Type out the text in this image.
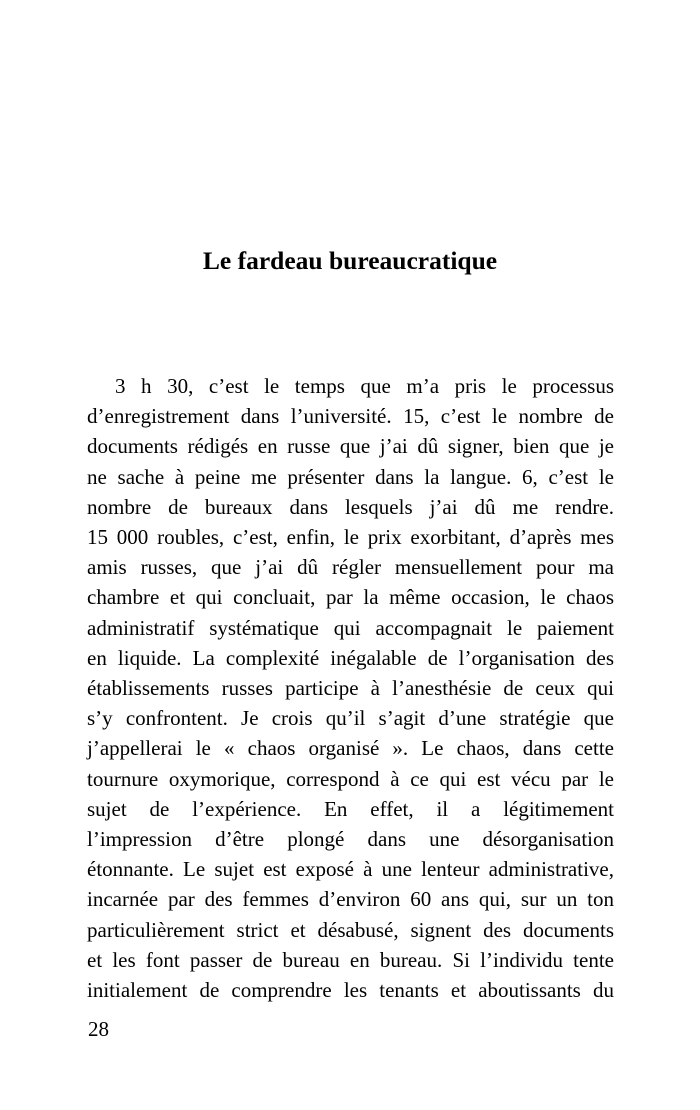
Le fardeau bureaucratique
3 h 30, c’est le temps que m’a pris le processus
d’enregistrement dans l’université. 15, c’est le nombre de
documents rédigés en russe que j’ai dû signer, bien que je
ne sache à peine me présenter dans la langue. 6, c’est le
nombre de bureaux dans lesquels j’ai dû me rendre.
15 000 roubles, c’est, enfin, le prix exorbitant, d’après mes
amis russes, que j’ai dû régler mensuellement pour ma
chambre et qui concluait, par la même occasion, le chaos
administratif systématique qui accompagnait le paiement
en liquide. La complexité inégalable de l’organisation des
établissements russes participe à l’anesthésie de ceux qui
s’y confrontent. Je crois qu’il s’agit d’une stratégie que
j’appellerai le « chaos organisé ». Le chaos, dans cette
tournure oxymorique, correspond à ce qui est vécu par le
sujet de l’expérience. En effet, il a légitimement
l’impression d’être plongé dans une désorganisation
étonnante. Le sujet est exposé à une lenteur administrative,
incarnée par des femmes d’environ 60 ans qui, sur un ton
particulièrement strict et désabusé, signent des documents
et les font passer de bureau en bureau. Si l’individu tente
initialement de comprendre les tenants et aboutissants du
28
